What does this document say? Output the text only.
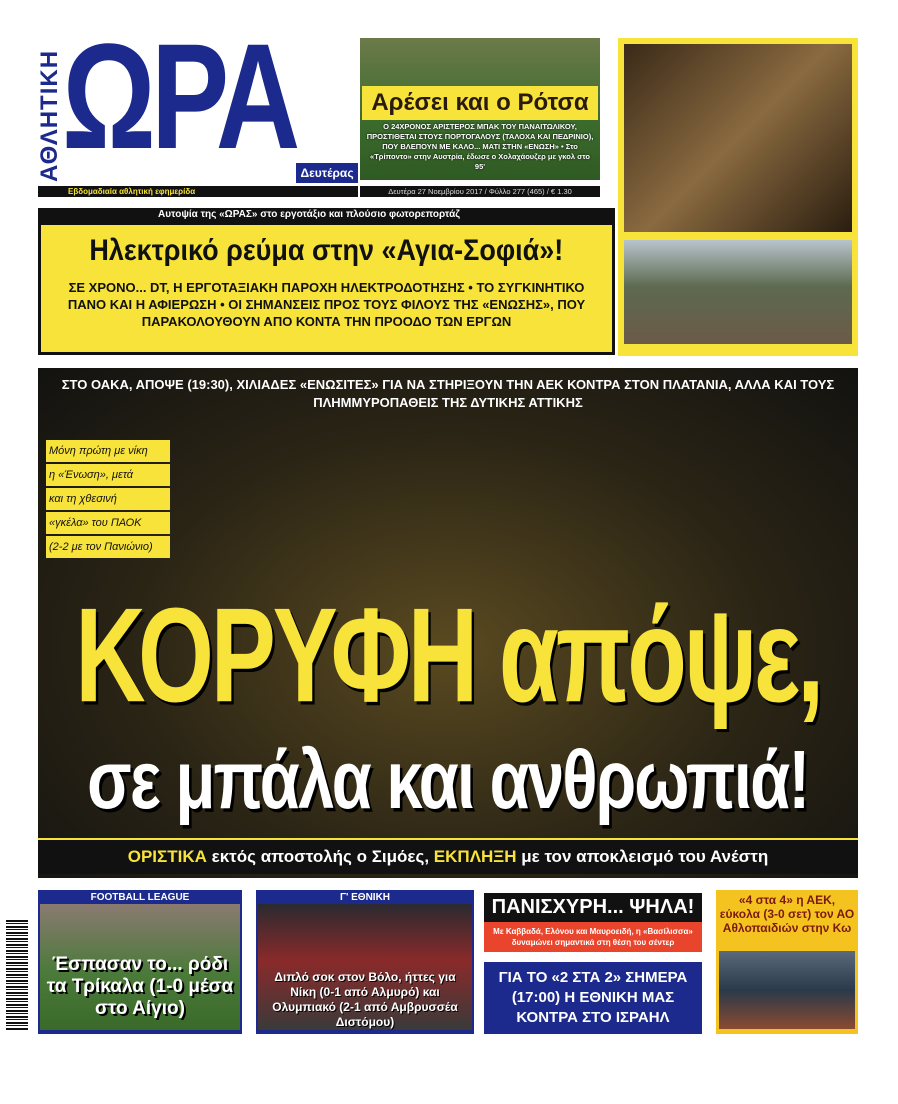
ΑΘΛΗΤΙΚΗ ΩΡΑ Δευτέρας
Εβδομαδιαία αθλητική εφημερίδα	Δευτέρα 27 Νοεμβρίου 2017 / Φύλλο 277 (465) / € 1.30
Αρέσει και ο Ρότσα
Ο 24ΧΡΟΝΟΣ ΑΡΙΣΤΕΡΟΣ ΜΠΑΚ ΤΟΥ ΠΑΝΑΙΤΩΛΙΚΟΥ, ΠΡΟΣΤΙΘΕΤΑΙ ΣΤΟΥΣ ΠΟΡΤΟΓΑΛΟΥΣ (ΤΑΛΟΧΑ ΚΑΙ ΠΕΔΡΙΝΙΟ), ΠΟΥ ΒΛΕΠΟΥΝ ΜΕ ΚΑΛΟ... ΜΑΤΙ ΣΤΗΝ «ΕΝΩΣΗ» • Στο «Τρίποντο» στην Αυστρία, έδωσε ο Χολαχάουζερ με γκολ στο 95'
Αυτοψία της «ΩΡΑΣ» στο εργοτάξιο και πλούσιο φωτορεπορτάζ
Ηλεκτρικό ρεύμα στην «Αγια-Σοφιά»!
ΣΕ ΧΡΟΝΟ... DT, Η ΕΡΓΟΤΑΞΙΑΚΗ ΠΑΡΟΧΗ ΗΛΕΚΤΡΟΔΟΤΗΣΗΣ • ΤΟ ΣΥΓΚΙΝΗΤΙΚΟ ΠΑΝΟ ΚΑΙ Η ΑΦΙΕΡΩΣΗ • ΟΙ ΣΗΜΑΝΣΕΙΣ ΠΡΟΣ ΤΟΥΣ ΦΙΛΟΥΣ ΤΗΣ «ΕΝΩΣΗΣ», ΠΟΥ ΠΑΡΑΚΟΛΟΥΘΟΥΝ ΑΠΟ ΚΟΝΤΑ ΤΗΝ ΠΡΟΟΔΟ ΤΩΝ ΕΡΓΩΝ
ΣΤΟ ΟΑΚΑ, ΑΠΟΨΕ (19:30), ΧΙΛΙΑΔΕΣ «ΕΝΩΣΙΤΕΣ» ΓΙΑ ΝΑ ΣΤΗΡΙΞΟΥΝ ΤΗΝ ΑΕΚ ΚΟΝΤΡΑ ΣΤΟΝ ΠΛΑΤΑΝΙΑ, ΑΛΛΑ ΚΑΙ ΤΟΥΣ ΠΛΗΜΜΥΡΟΠΑΘΕΙΣ ΤΗΣ ΔΥΤΙΚΗΣ ΑΤΤΙΚΗΣ
Μόνη πρώτη με νίκη
η «Ένωση», μετά
και τη χθεσινή
«γκέλα» του ΠΑΟΚ
(2-2 με τον Πανιώνιο)
ΚΟΡΥΦΗ απόψε,
σε μπάλα και ανθρωπιά!
ΟΡΙΣΤΙΚΑ εκτός αποστολής ο Σιμόες, ΕΚΠΛΗΞΗ με τον αποκλεισμό του Ανέστη
FOOTBALL LEAGUE
Έσπασαν το... ρόδι τα Τρίκαλα (1-0 μέσα στο Αίγιο)
Γ' ΕΘΝΙΚΗ
Διπλό σοκ στον Βόλο, ήττες για Νίκη (0-1 από Αλμυρό) και Ολυμπιακό (2-1 από Αμβρυσσέα Διστόμου)
ΠΑΝΙΣΧΥΡΗ... ΨΗΛΑ!
Με Καββαδά, Ελόνου και Μαυροειδή, η «Βασίλισσα» δυναμώνει σημαντικά στη θέση του σέντερ
ΓΙΑ ΤΟ «2 ΣΤΑ 2» ΣΗΜΕΡΑ (17:00) Η ΕΘΝΙΚΗ ΜΑΣ ΚΟΝΤΡΑ ΣΤΟ ΙΣΡΑΗΛ
«4 στα 4» η ΑΕΚ, εύκολα (3-0 σετ) τον ΑΟ Αθλοπαιδιών στην Κω
